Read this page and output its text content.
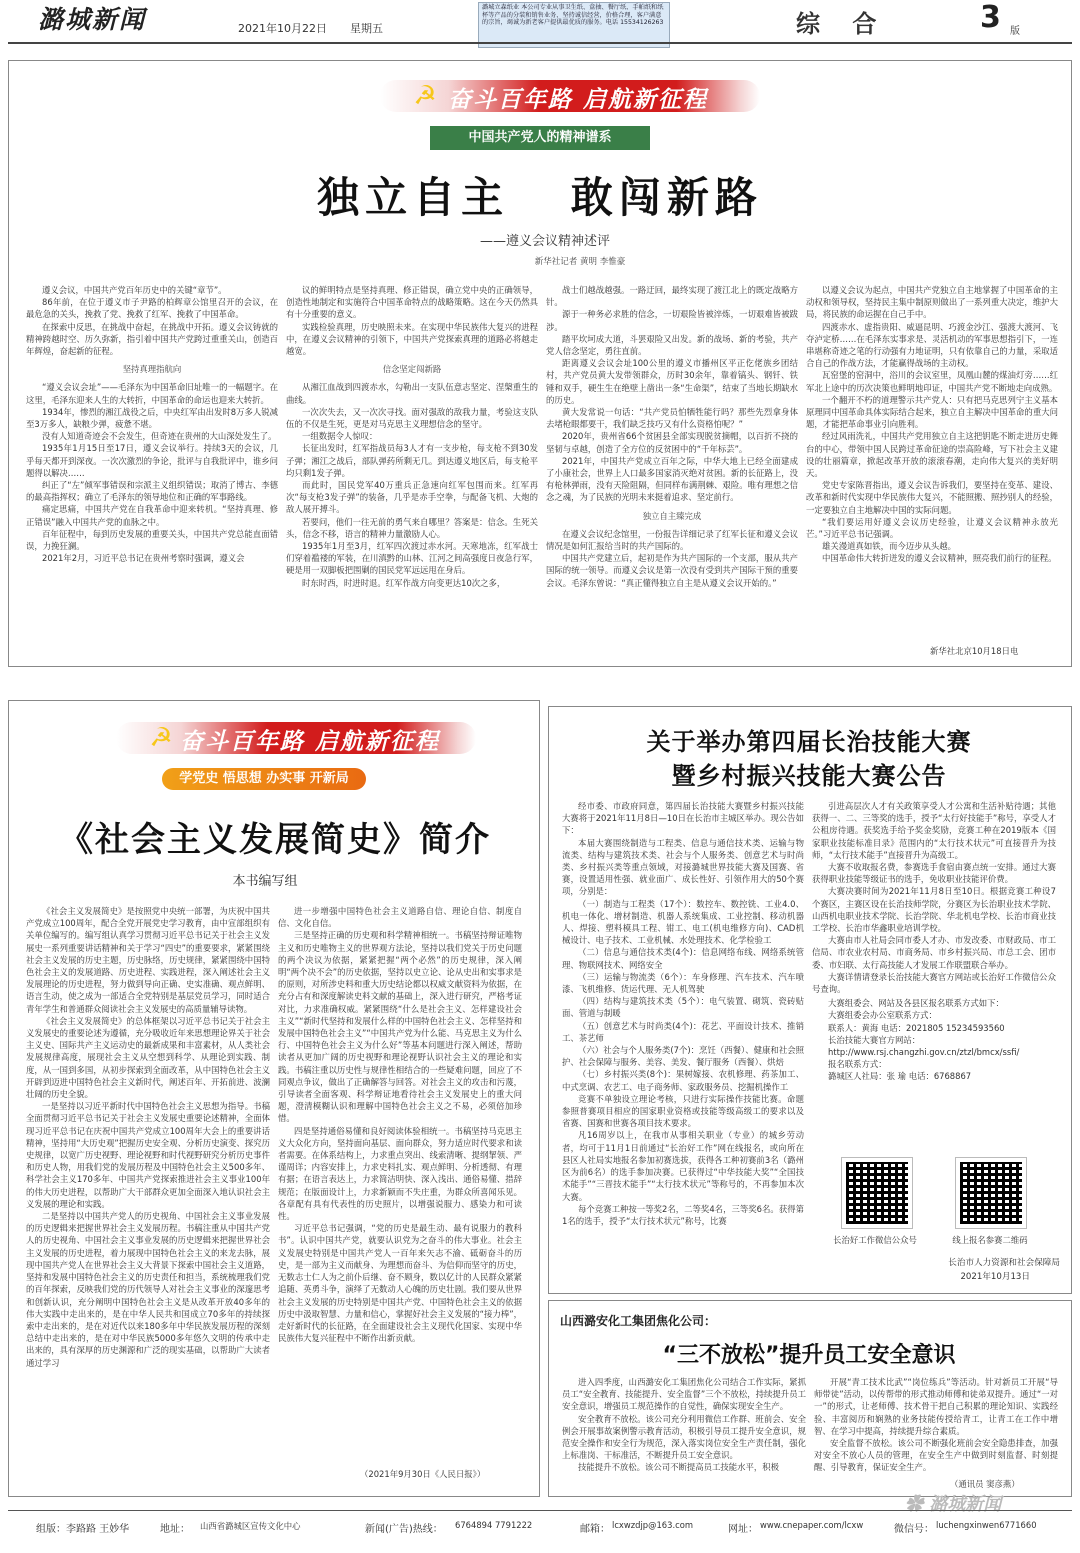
潞城新闻	2021年10月22日 星期五
潞城立森纸业 本公司专业从事卫生纸、盒抽、餐厅纸、手帕纸和纸杯等产品的分装和销售业务，坚持诚信经营，价格合理，客户满意的宗旨，竭诚为新老客户提供最优质的服务。电话 15534126263	综 合	3 版
☭ 奋斗百年路 启航新征程
中国共产党人的精神谱系
独立自主   敢闯新路
——遵义会议精神述评
新华社记者 黄明 李惟豪

遵义会议，中国共产党百年历史中的关键“章节”。

86年前，在位于遵义市子尹路的柏辉章公馆里召开的会议，在最危急的关头，挽救了党、挽救了红军、挽救了中国革命。

在探索中反思，在挑战中奋起，在挑战中开拓。遵义会议铸就的精神跨越时空、历久弥新，指引着中国共产党跨过重重关山，创造百年辉煌，奋起新的征程。

坚持真理指航向

“遵义会议会址”——毛泽东为中国革命旧址唯一的一幅题字。在这里，毛泽东迎来人生的大转折，中国革命的命运也迎来大转折。

1934年，惨烈的湘江战役之后，中央红军由出发时8万多人锐减至3万多人，缺粮少弹，疲惫不堪。

没有人知道奇迹会不会发生，但奇迹在贵州的大山深处发生了。

1935年1月15日至17日，遵义会议举行。持续3天的会议，几乎每天都开到深夜。一次次激烈的争论，批评与自我批评中，谁乡问题得以解决……

纠正了“左”倾军事错误和宗派主义组织错误；取消了博古、李德的最高指挥权；确立了毛泽东的领导地位和正确的军事路线。

痛定思痛，中国共产党在自我革命中迎来转机。“坚持真理、修正错误”融入中国共产党的血脉之中。

百年征程中，每到历史发展的重要关头，中国共产党总能直面错误，力挽狂澜。

2021年2月，习近平总书记在贵州考察时强调，遵义会

议的鲜明特点是坚持真理、修正错误，确立党中央的正确领导，创造性地制定和实施符合中国革命特点的战略策略。这在今天仍然具有十分重要的意义。

实践检验真理，历史映照未来。在实现中华民族伟大复兴的进程中，在遵义会议精神的引领下，中国共产党探索真理的道路必将越走越宽。

信念坚定闯新路

从湘江血战到四渡赤水，勾勒出一支队伍意志坚定、涅槃重生的曲线。

一次次失去，又一次次寻找。面对强敌的敌我力量，考验这支队伍的不仅是生死，更是对马克思主义理想信念的坚守。

一组数据令人惊叹：

长征出发时，红军指战员每3人才有一支步枪，每支枪不到30发子弹；湘江之战后，部队弹药所剩无几。到达遵义地区后，每支枪平均只剩1发子弹。

而此时，国民党军40万重兵正急速向红军包围而来。红军再次“每支枪3发子弹”的装备，几乎是赤手空拳，与配备飞机、大炮的敌人展开搏斗。

若要问，他们一往无前的勇气来自哪里？答案是：信念。生死关头，信念不移，语言的精神力量激励人心。

1935年1月至3月，红军四次渡过赤水河。天寒地冻，红军战士们穿着褴褛的军装，在川滇黔的山林、江河之间高强度日夜急行军，硬是用一双脚板把围剿的国民党军远远甩在身后。

时东时西，时进时退。红军作战方向变更达10次之多，

战士们越战越强。一路迂回，最终实现了渡江北上的既定战略方针。

源于一种务必求胜的信念，一切艰险皆被淬炼，一切艰难皆被跋涉。

踏平坎坷成大道，斗罢艰险又出发。新的战场、新的考验，共产党人信念坚定，勇往直前。

距离遵义会议会址100公里的遵义市播州区平正仡佬族乡团结村，共产党员黄大发带领群众，历时30余年，靠着镐头、钢钎、铁锤和双手，硬生生在绝壁上凿出一条“生命渠”，结束了当地长期缺水的历史。

黄大发常说一句话：“共产党员怕牺牲能行吗？那些先烈拿身体去堵枪眼都要干，我们缺乏技巧又有什么资格怕呢？”

2020年，贵州省66个贫困县全部实现脱贫摘帽，以百折不挠的坚韧与卓越，创造了全方位的反贫困中的“千年标芸”。

2021年，中国共产党成立百年之际，中华大地上已经全面建成了小康社会，世界上人口最多国家消灭绝对贫困。新的长征路上，没有枪林弹雨，没有天险阻隔，但同样布满荆棘、艰险。唯有理想之信念之魂，为了民族的光明未来挺着追求、坚定前行。

独立自主臻完成

在遵义会议纪念馆里，一份报告详细记录了红军长征和遵义会议情况是如何汇报给当时的共产国际的。

中国共产党建立后，起初是作为共产国际的一个支部，服从共产国际的统一领导。而遵义会议是第一次没有受到共产国际干预的重要会议。毛泽东曾说：“真正懂得独立自主是从遵义会议开始的。”

以遵义会议为起点，中国共产党独立自主地掌握了中国革命的主动权和领导权，坚持民主集中制原则做出了一系列重大决定，维护大局，将民族的命运握在自己手中。

四渡赤水、虚指贵阳、威逼昆明、巧渡金沙江、强渡大渡河、飞夺泸定桥……在毛泽东实事求是、灵活机动的军事思想指引下，一连串堪称奇迹之笔的行动强有力地证明，只有依靠自己的力量，采取适合自己的作战方法，才能赢得战场的主动权。

瓦窑堡的窑洞中，浴川的会议室里，凤凰山麓的煤油灯旁……红军北上途中的历次决策也鲜明地印证，中国共产党不断地走向成熟。

一个翻开不朽的道理警示共产党人：只有把马克思列宁主义基本原理同中国革命具体实际结合起来，独立自主解决中国革命的重大问题，才能把革命事业引向胜利。

经过风雨洗礼，中国共产党用独立自主这把钥匙不断走进历史舞台的中心，带领中国人民跨过革命征途的崇高险峰，写下社会主义建设的壮丽篇章，掀起改革开放的滚滚春潮，走向伟大复兴的美好明天。

党史专家陈晋指出，遵义会议告诉我们，要坚持在变革、建设、改革和新时代实现中华民族伟大复兴，不能照搬、照抄别人的经验，一定要独立自主地解决中国的实际问题。

“我们要运用好遵义会议历史经验，让遵义会议精神永放光芒。”习近平总书记强调。

雄关漫道真如铁，而今迈步从头越。

中国革命伟大转折迸发的遵义会议精神，照亮我们前行的征程。

新华社北京10月18日电
☭ 奋斗百年路 启航新征程
学党史 悟思想 办实事 开新局
《社会主义发展简史》简介
本书编写组

《社会主义发展简史》是按照党中央统一部署，为庆祝中国共产党成立100周年，配合全党开展党史学习教育，由中宣部组织有关单位编写的。编写组认真学习贯彻习近平总书记关于社会主义发展史一系列重要讲话精神和关于学习“四史”的重要要求，紧紧围绕社会主义发展的历史主题，历史脉络，历史规律，紧紧围绕中国特色社会主义的发展道路、历史进程、实践进程，深入阐述社会主义发展理论的历史进程，努力做到导向正确、史实准确、观点鲜明、语言生动，使之成为一部适合全党特别是基层党员学习，同时适合青年学生和普通群众阅读社会主义发展史的高质量辅导读物。

《社会主义发展简史》的总体框架以习近平总书记关于社会主义发展史的重要论述为遵循，充分吸收近年来思想理论界关于社会主义史、国际共产主义运动史的最新成果和丰富素材，从人类社会发展规律高度，展现社会主义从空想到科学、从理论到实践、制度，从一国到多国，从初步探索到全面改革，从中国特色社会主义开辟到迈进中国特色社会主义新时代，阐述百年、开拓前进、波澜壮阔的历史全貌。

一是坚持以习近平新时代中国特色社会主义思想为指导。书稿全面贯彻习近平总书记关于社会主义发展史重要论述精神，全面体现习近平总书记在庆祝中国共产党成立100周年大会上的重要讲话精神，坚持用“大历史观”把握历史安全观、分析历史演变、探究历史规律，以宽广历史视野、理论视野和时代视野研究分析历史事件和历史人物，用我们党的发展历程及中国特色社会主义500多年、科学社会主义170多年、中国共产党探索推进社会主义事业100年的伟大历史进程，以帮助广大干部群众更加全面深入地认识社会主义发展的理论和实践。

二是坚持以中国共产党人的历史视角、中国社会主义事业发展的历史逻辑来把握世界社会主义发展历程。书稿注重从中国共产党人的历史视角、中国社会主义事业发展的历史逻辑来把握世界社会主义发展的历史进程，着力展现中国特色社会主义的来龙去脉，展现中国共产党人在世界社会主义大背景下探索中国社会主义道路，坚持和发展中国特色社会主义的历史责任和担当，系统梳理我们党的百年探索，反映我们党的历代领导人对社会主义事业的深邃思考和创新认识，充分阐明中国特色社会主义是从改革开放40多年的伟大实践中走出来的，是在中华人民共和国成立70多年的持续探索中走出来的，是在对近代以来180多年中华民族发展历程的深刻总结中走出来的，是在对中华民族5000多年悠久文明的传承中走出来的，具有深厚的历史渊源和广泛的现实基础，以帮助广大读者通过学习

进一步增强中国特色社会主义道路自信、理论自信、制度自信、文化自信。

三是坚持正确的历史观和科学精神相统一。书稿坚持辩证唯物主义和历史唯物主义的世界观方法论，坚持以我们党关于历史问题的两个决议为依据，紧紧把握“两个必然”的历史规律，深入阐明“两个决不会”的历史依据，坚持以史立论、论从史出和实事求是的原则，对所涉史料和重大历史结论都以权威文献资料为依据，在充分占有和深度解读史料文献的基础上，深入进行研究，严格考证对比，力求准确权威。紧紧围绕“什么是社会主义、怎样建设社会主义”“新时代坚持和发展什么样的中国特色社会主义、怎样坚持和发展中国特色社会主义”“中国共产党为什么能、马克思主义为什么行、中国特色社会主义为什么好”等基本问题进行深入阐述，帮助读者从更加广阔的历史视野和理论视野认识社会主义的理论和实践。书稿注重以历史性与规律性相结合的一些疑难问题，回应了不同观点争议，做出了正确解答与回答。对社会主义的攻击和污蔑，引导读者全面客观、科学辩证地看待社会主义发展史上的重大问题，澄清模糊认识和理解中国特色社会主义之不易，必须倍加珍惜。

四是坚持通俗易懂和良好阅读体验相统一。书稿坚持马克思主义大众化方向，坚持面向基层、面向群众，努力适应时代要求和读者需要。在体系结构上，力求重点突出、线索清晰、提纲挈领、严谨周详；内容安排上，力求史料扎实、观点鲜明、分析透彻、有理有据；在语言表达上，力求简洁明快、深入浅出、通俗易懂、措辞规范；在版面设计上，力求新颖而不失庄重，为群众所喜闻乐见。各章配有具有代表性的历史照片，以增强说服力、感染力和可读性。

习近平总书记强调，“党的历史是最生动、最有说服力的教科书”。认识中国共产党，就要认识党为之奋斗的伟大事业。社会主义发展史特别是中国共产党人一百年来矢志不渝、砥砺奋斗的历史，是一部为主义而献身、为理想而奋斗、为信仰而坚守的历史，无数志士仁人为之前仆后继、奋不顾身，数以亿计的人民群众紧紧追随、英勇斗争，演绎了无数动人心魄的历史壮剧。我们要从世界社会主义发展的历史特别是中国共产党、中国特色社会主义的依据历史中汲取智慧、力量和信心，掌握好社会主义发展的“接力棒”，走好新时代的长征路，在全面建设社会主义现代化国家、实现中华民族伟大复兴征程中不断作出新贡献。

（2021年9月30日《人民日报》）
关于举办第四届长治技能大赛
暨乡村振兴技能大赛公告

经市委、市政府同意，第四届长治技能大赛暨乡村振兴技能大赛将于2021年11月8日—10日在长治市主城区举办。现公告如下：

本届大赛围绕制造与工程类、信息与通信技术类、运输与物流类、结构与建筑技术类、社会与个人服务类、创意艺术与时尚类、乡村振兴类等重点领域，对接潞城世界技能大赛及国赛、省赛，设置适用性强、就业面广、成长性好、引领作用大的50个赛项，分别是：

（一）制造与工程类（17个）：数控车、数控铣、工业4.0、机电一体化、增材制造、机器人系统集成、工业控制、移动机器人、焊接、塑料模具工程、钳工、电工(机电维修方向)、CAD机械设计、电子技术、工业机械、水处理技术、化学检验工

（二）信息与通信技术类(4个)：信息网络布线、网络系统管理、物联网技术、网络安全

（三）运输与物流类（6个）：车身修理、汽车技术、汽车喷漆、飞机维修、货运代理、无人机驾驶

（四）结构与建筑技术类（5个）：电气装置、砌筑、瓷砖贴面、管道与制暖

（五）创意艺术与时尚类(4个)：花艺、平面设计技术、推销工、茶艺师

（六）社会与个人服务类(7个)：烹饪（西餐）、健康和社会照护、社会保障与服务、美容、美发、餐厅服务（西餐）、烘焙

（七）乡村振兴类(8个)：果树嫁接、农机修理、药茶加工、中式烹调、农艺工、电子商务师、家政服务员、挖掘机操作工

竞赛不单独设立理论考核，只进行实际操作技能比赛。命题参照普赛项目相应的国家职业资格或技能等级高级工的要求以及省赛、国赛和世赛各项目技术要求。

凡16周岁以上，在我市从事相关职业（专业）的城乡劳动者，均可于11月1日前通过“长治好工作”网在线报名，或向所在县区人社局实地报名参加初赛选拔，获得各工种初赛前3名（潞州区为前6名）的选手参加决赛。已获得过“中华技能大奖”“全国技术能手”“三晋技术能手”“太行技术状元”等称号的，不再参加本次大赛。

每个竞赛工种按一等奖2名，二等奖4名，三等奖6名。获得第1名的选手，授予“太行技术状元”称号，比赛

引进高层次人才有关政策享受人才公寓和生活补贴待遇；其他获得一、二、三等奖的选手，授予“太行好技能手”称号，享受人才公租房待遇。获奖选手给予奖金奖励，竞赛工种在2019版本《国家职业技能标准目录》范围内的“太行技术状元”可直接晋升为技师，“太行技术能手”直接晋升为高级工。

大赛不收取报名费，参赛选手食宿由赛点统一安排。通过大赛获得职业技能等级证书的选手，免收职业技能评价费。

大赛决赛时间为2021年11月8日至10日。根据竞赛工种设7个赛区，主赛区设在长治技师学院，分赛区为长治职业技术学院、山西机电职业技术学院、长治学院、华北机电学校、长治市商业技工学校、长治市华鑫职业培训学校。

大赛由市人社局会同市委人才办、市发改委、市财政局、市工信局、市农业农村局、市商务局、市乡村振兴局、市总工会、团市委、市妇联、太行高技能人才发展工作联盟联合举办。

大赛详情请登录长治技能大赛官方网站或长治好工作微信公众号查询。

大赛组委会、网站及各县区报名联系方式如下：

大赛组委会办公室联系方式：

联系人：黄海 电话：2021805 15234593560

长治技能大赛官方网站：

http://www.rsj.changzhi.gov.cn/ztzl/bmcx/ssfi/

报名联系方式：

潞城区人社局：张 瑜 电话：6768867

长治好工作微信公众号	线上报名参赛二维码
长治市人力资源和社会保障局
2021年10月13日
山西潞安化工集团焦化公司：
“三不放松”提升员工安全意识

进入四季度，山西潞安化工集团焦化公司结合工作实际，紧抓员工“安全教育、技能提升、安全监督”三个不放松，持续提升员工安全意识，增强员工规范操作的自觉性，确保实现安全生产。

安全教育不放松。该公司充分利用微信工作群、班前会、安全例会开展事故案例警示教育活动，积极引导员工提升安全意识，规范安全操作和安全行为规范，深入落实岗位安全生产责任制，强化上标准岗、干标准活，不断提升员工安全意识。

技能提升不放松。该公司不断提高员工技能水平，积极

开展“青工技术比武”“岗位练兵”等活动。针对新员工开展“导师带徒”活动，以传帮带的形式推动师傅和徒弟双提升。通过“一对一”的形式，让老师傅、技术骨干把自己积累的理论知识、实践经验、丰富阅历和娴熟的业务技能传授给青工，让青工在工作中增智、在学习中提高，持续提升综合素质。

安全监督不放松。该公司不断强化班前会安全隐患排查，加强对安全不放心人员的管理，在安全生产中做到时刻监督、时刻提醒、引导教育，保证安全生产。

（通讯员 窦彦燕）
✿ 潞城新闻
组版：李路路 王妙华	地址： 山西省潞城区宣传文化中心	新闻(广告)热线： 6764894 7791222	邮箱： lcxwzdjp@163.com	网址： www.cnepaper.com/lcxw	微信号： luchengxinwen6771660
